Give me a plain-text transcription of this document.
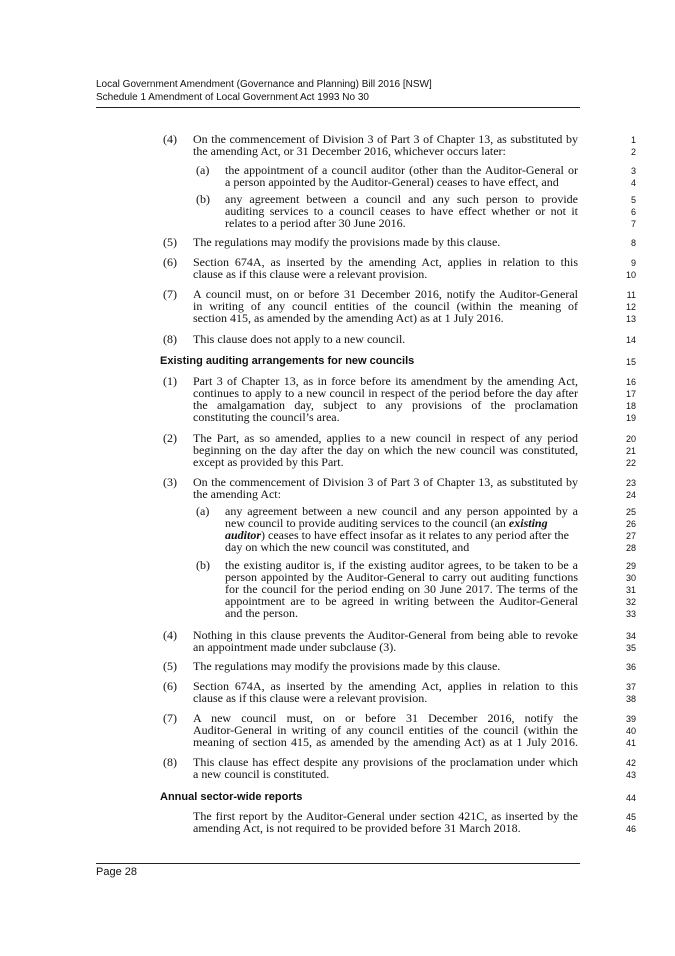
Local Government Amendment (Governance and Planning) Bill 2016 [NSW]
Schedule 1 Amendment of Local Government Act 1993 No 30
(4)
(a)
(b)
(5)
(6)
(7)
(8)
(1)
(2)
(3)
(a)
(b)
(4)
(5)
(6)
(7)
(8)
On the commencement of Division 3 of Part 3 of Chapter 13, as substituted by
the amending Act, or 31 December 2016, whichever occurs later:
the appointment of a council auditor (other than the Auditor-General or
a person appointed by the Auditor-General) ceases to have effect, and
any agreement between a council and any such person to provide
auditing services to a council ceases to have effect whether or not it
relates to a period after 30 June 2016.
The regulations may modify the provisions made by this clause.
Section 674A, as inserted by the amending Act, applies in relation to this
clause as if this clause were a relevant provision.
A council must, on or before 31 December 2016, notify the Auditor-General
in writing of any council entities of the council (within the meaning of
section 415, as amended by the amending Act) as at 1 July 2016.
This clause does not apply to a new council.
Existing auditing arrangements for new councils
Part 3 of Chapter 13, as in force before its amendment by the amending Act,
continues to apply to a new council in respect of the period before the day after
the amalgamation day, subject to any provisions of the proclamation
constituting the council’s area.
The Part, as so amended, applies to a new council in respect of any period
beginning on the day after the day on which the new council was constituted,
except as provided by this Part.
On the commencement of Division 3 of Part 3 of Chapter 13, as substituted by
the amending Act:
any agreement between a new council and any person appointed by a
new council to provide auditing services to the council (an existing
auditor) ceases to have effect insofar as it relates to any period after the
day on which the new council was constituted, and
the existing auditor is, if the existing auditor agrees, to be taken to be a
person appointed by the Auditor-General to carry out auditing functions
for the council for the period ending on 30 June 2017. The terms of the
appointment are to be agreed in writing between the Auditor-General
and the person.
Nothing in this clause prevents the Auditor-General from being able to revoke
an appointment made under subclause (3).
The regulations may modify the provisions made by this clause.
Section 674A, as inserted by the amending Act, applies in relation to this
clause as if this clause were a relevant provision.
A new council must, on or before 31 December 2016, notify the
Auditor-General in writing of any council entities of the council (within the
meaning of section 415, as amended by the amending Act) as at 1 July 2016.
This clause has effect despite any provisions of the proclamation under which
a new council is constituted.
Annual sector-wide reports
The first report by the Auditor-General under section 421C, as inserted by the
amending Act, is not required to be provided before 31 March 2018.
1
2
3
4
5
6
7
8
9
10
11
12
13
14
15
16
17
18
19
20
21
22
23
24
25
26
27
28
29
30
31
32
33
34
35
36
37
38
39
40
41
42
43
44
45
46
Page 28
